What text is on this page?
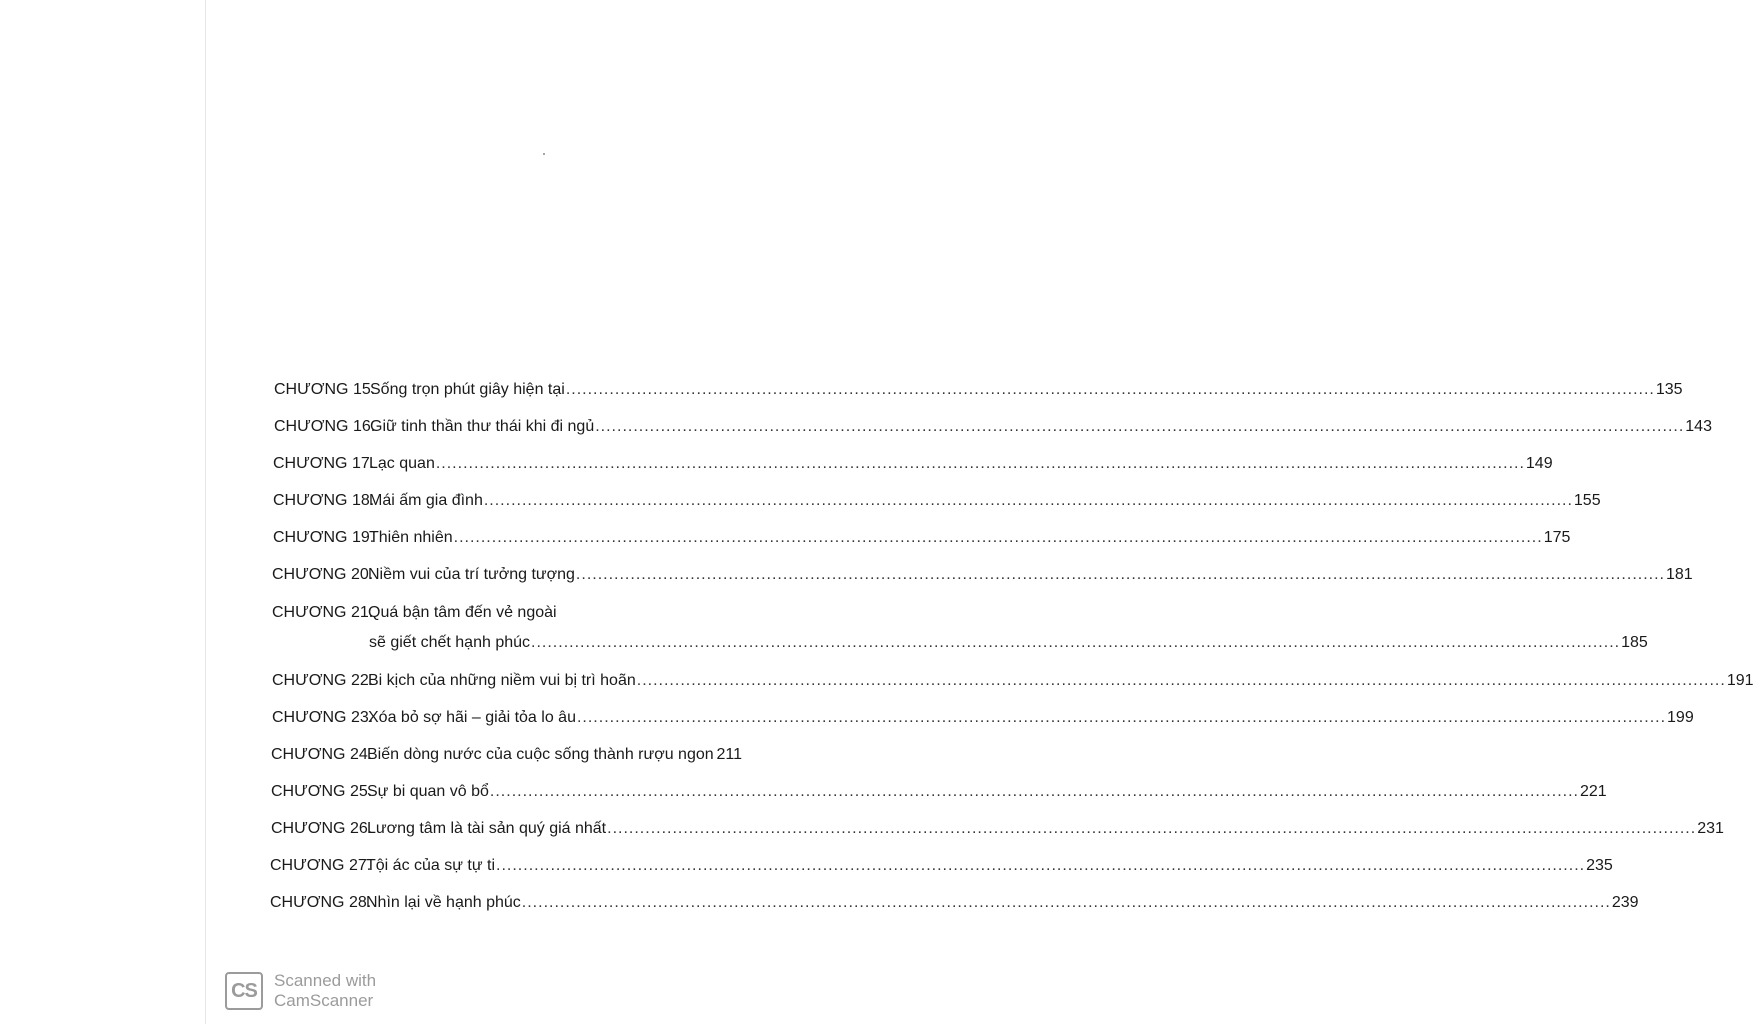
CHƯƠNG 15.
Sống trọn phút giây hiện tại ........................................................................................................................................................................................................ 135
CHƯƠNG 16.
Giữ tinh thần thư thái khi đi ngủ ........................................................................................................................................................................................................ 143
CHƯƠNG 17.
Lạc quan ........................................................................................................................................................................................................ 149
CHƯƠNG 18.
Mái ấm gia đình ........................................................................................................................................................................................................ 155
CHƯƠNG 19.
Thiên nhiên ........................................................................................................................................................................................................ 175
CHƯƠNG 20.
Niềm vui của trí tưởng tượng ........................................................................................................................................................................................................ 181
CHƯƠNG 21.
Quá bận tâm đến vẻ ngoài
sẽ giết chết hạnh phúc ........................................................................................................................................................................................................ 185
CHƯƠNG 22.
Bi kịch của những niềm vui bị trì hoãn ........................................................................................................................................................................................................ 191
CHƯƠNG 23.
Xóa bỏ sợ hãi – giải tỏa lo âu ........................................................................................................................................................................................................ 199
CHƯƠNG 24.
Biến dòng nước của cuộc sống thành rượu ngon 211
CHƯƠNG 25.
Sự bi quan vô bổ ........................................................................................................................................................................................................ 221
CHƯƠNG 26.
Lương tâm là tài sản quý giá nhất ........................................................................................................................................................................................................ 231
CHƯƠNG 27.
Tội ác của sự tự ti ........................................................................................................................................................................................................ 235
CHƯƠNG 28.
Nhìn lại về hạnh phúc ........................................................................................................................................................................................................ 239
CS	Scanned with
CamScanner
